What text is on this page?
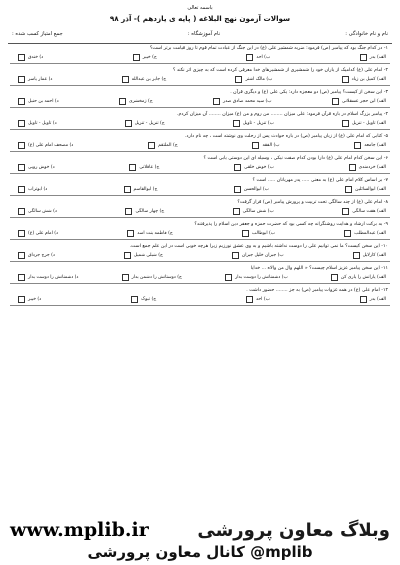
باسمه تعالی
سوالات آزمون نهج البلاغه ( پایه ی یازدهم )- آذر ۹۸
نام و نام خانوادگی :
نام آموزشگاه :
جمع امتیاز کسب شده :
۱- در کدام جنگ بود که پیامبر (ص) فرمود: ضربه شمشیر علی (ع) در این جنگ از عبادت تمام قوم تا روز قیامت برتر است؟
الف) بدر
ب) احد
ج) خیبر
د) خندق
۲- امام علی (ع) کدامیک از یاران خود را شمشیری از شمشیرهای خدا معرفی کرده است که به چیزی اثر نکند ؟
الف) کمیل بن زیاد
ب) مالک اشتر
ج) جابر بن عبدالله
د) عمار یاسر
۳- این سخن از کیست؟ پیامبر (ص) دو معجزه دارد: یکی علی (ع) و دیگری قرآن .
الف) ابن حجر عسقلانی
ب) سید محمد صادق صدر
ج) زمخشری
د) احمد بن حنبل
۴- پیامبر بزرگ اسلام در باره قرآن فرمود: علی میزان ........ من روم و من (ع) میزان ........ آن میزان کردم.
الف) تاویل - تنزیل
ب) تنزیل - تاویل
ج) تنزیل - تنزیل
د) تاویل - تاویل
۵- کتابی که امام علی (ع) از زبان پیامبر (ص) در باره حوادث پس از رحلت وی نوشته است ، چه نام دارد.
الف) جامعه
ب) الفقه
ج) الملتقم
د) مصحف امام علی (ع)
۶- این سخن کدام امام علی (ع) دارا بودن کدام صفت نیکی ، وسیله ای این دوستی یابی است ؟
الف) خردمندی
ب) خوش خلقی
ج) عاقلانی
د) خوش رویی
۷- بر اساس کلام امام علی (ع) به معنی ..... پدر مهربانان ..... است ؟
الف) ابوالسائلین
ب) ابوالحسن
ج) ابوالقاسم
د) ابوتراب
۸- امام علی (ع) از چند سالگی تحت تربیت و پرورش پیامبر (ص) قرار گرفت؟
الف) هفت سالگی
ب) شش سالگی
ج) چهار سالگی
د) شش سالگی
۹- به برکت ارشاد و هدایت روشنگرانه چه کسی بود که حضرت حمزه و جعفر دین اسلام را پذیرفتند؟
الف) عبدالمطلب
ب) ابوطالب
ج) فاطمه بنت اسد
د) امام علی (ع)
۱۰- این سخن کیست؟ ما نمی توانیم علی را دوست نداشته باشیم و به وی عشق نورزیم زیرا هرچه خوبی است در این علم جمع است.
الف) کارلایل
ب) جبران خلیل جبران
ج) شبلی شمیل
د) جرج جرداق
۱۱- این سخن پیامبر عزیز اسلام چیست؟ « اللهم وال من والاه ... خدایا
الف) یارانش را یاری کن
ب) دشمنانش را دوست بدار
ج) دوستانش را دشمن بدار
د) دشمنانش را دوست بدار
۱۲- امام علی (ع) در همه غزوات پیامبر (ص) به جز ........ حضور داشت .
الف) بدر
ب) احد
ج) تبوک
د) خیبر
www.mplib.ir	وبلاگ معاون پرورشی
کانال معاون پرورشی @mplib
